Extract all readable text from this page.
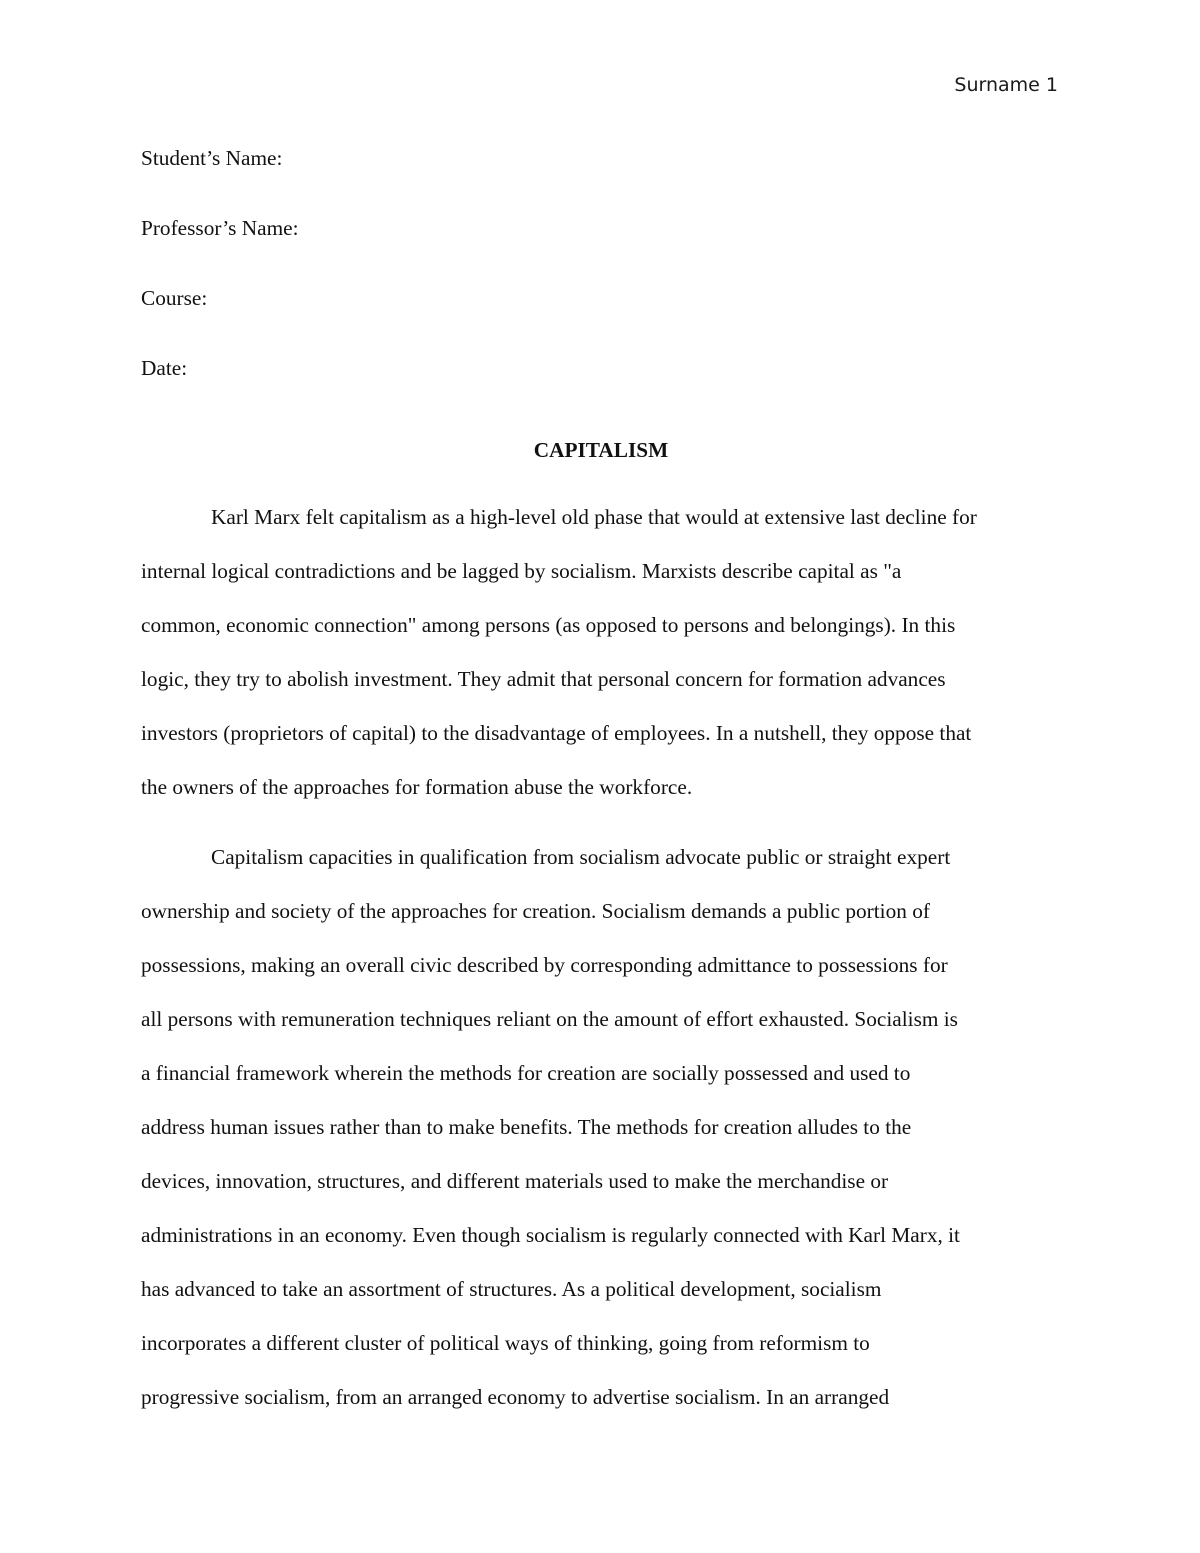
Surname 1

Student’s Name:

Professor’s Name:

Course:

Date:

CAPITALISM

Karl Marx felt capitalism as a high-level old phase that would at extensive last decline for

internal logical contradictions and be lagged by socialism. Marxists describe capital as "a

common, economic connection" among persons (as opposed to persons and belongings). In this

logic, they try to abolish investment. They admit that personal concern for formation advances

investors (proprietors of capital) to the disadvantage of employees. In a nutshell, they oppose that

the owners of the approaches for formation abuse the workforce.

Capitalism capacities in qualification from socialism advocate public or straight expert

ownership and society of the approaches for creation. Socialism demands a public portion of

possessions, making an overall civic described by corresponding admittance to possessions for

all persons with remuneration techniques reliant on the amount of effort exhausted. Socialism is

a financial framework wherein the methods for creation are socially possessed and used to

address human issues rather than to make benefits. The methods for creation alludes to the

devices, innovation, structures, and different materials used to make the merchandise or

administrations in an economy. Even though socialism is regularly connected with Karl Marx, it

has advanced to take an assortment of structures. As a political development, socialism

incorporates a different cluster of political ways of thinking, going from reformism to

progressive socialism, from an arranged economy to advertise socialism. In an arranged
